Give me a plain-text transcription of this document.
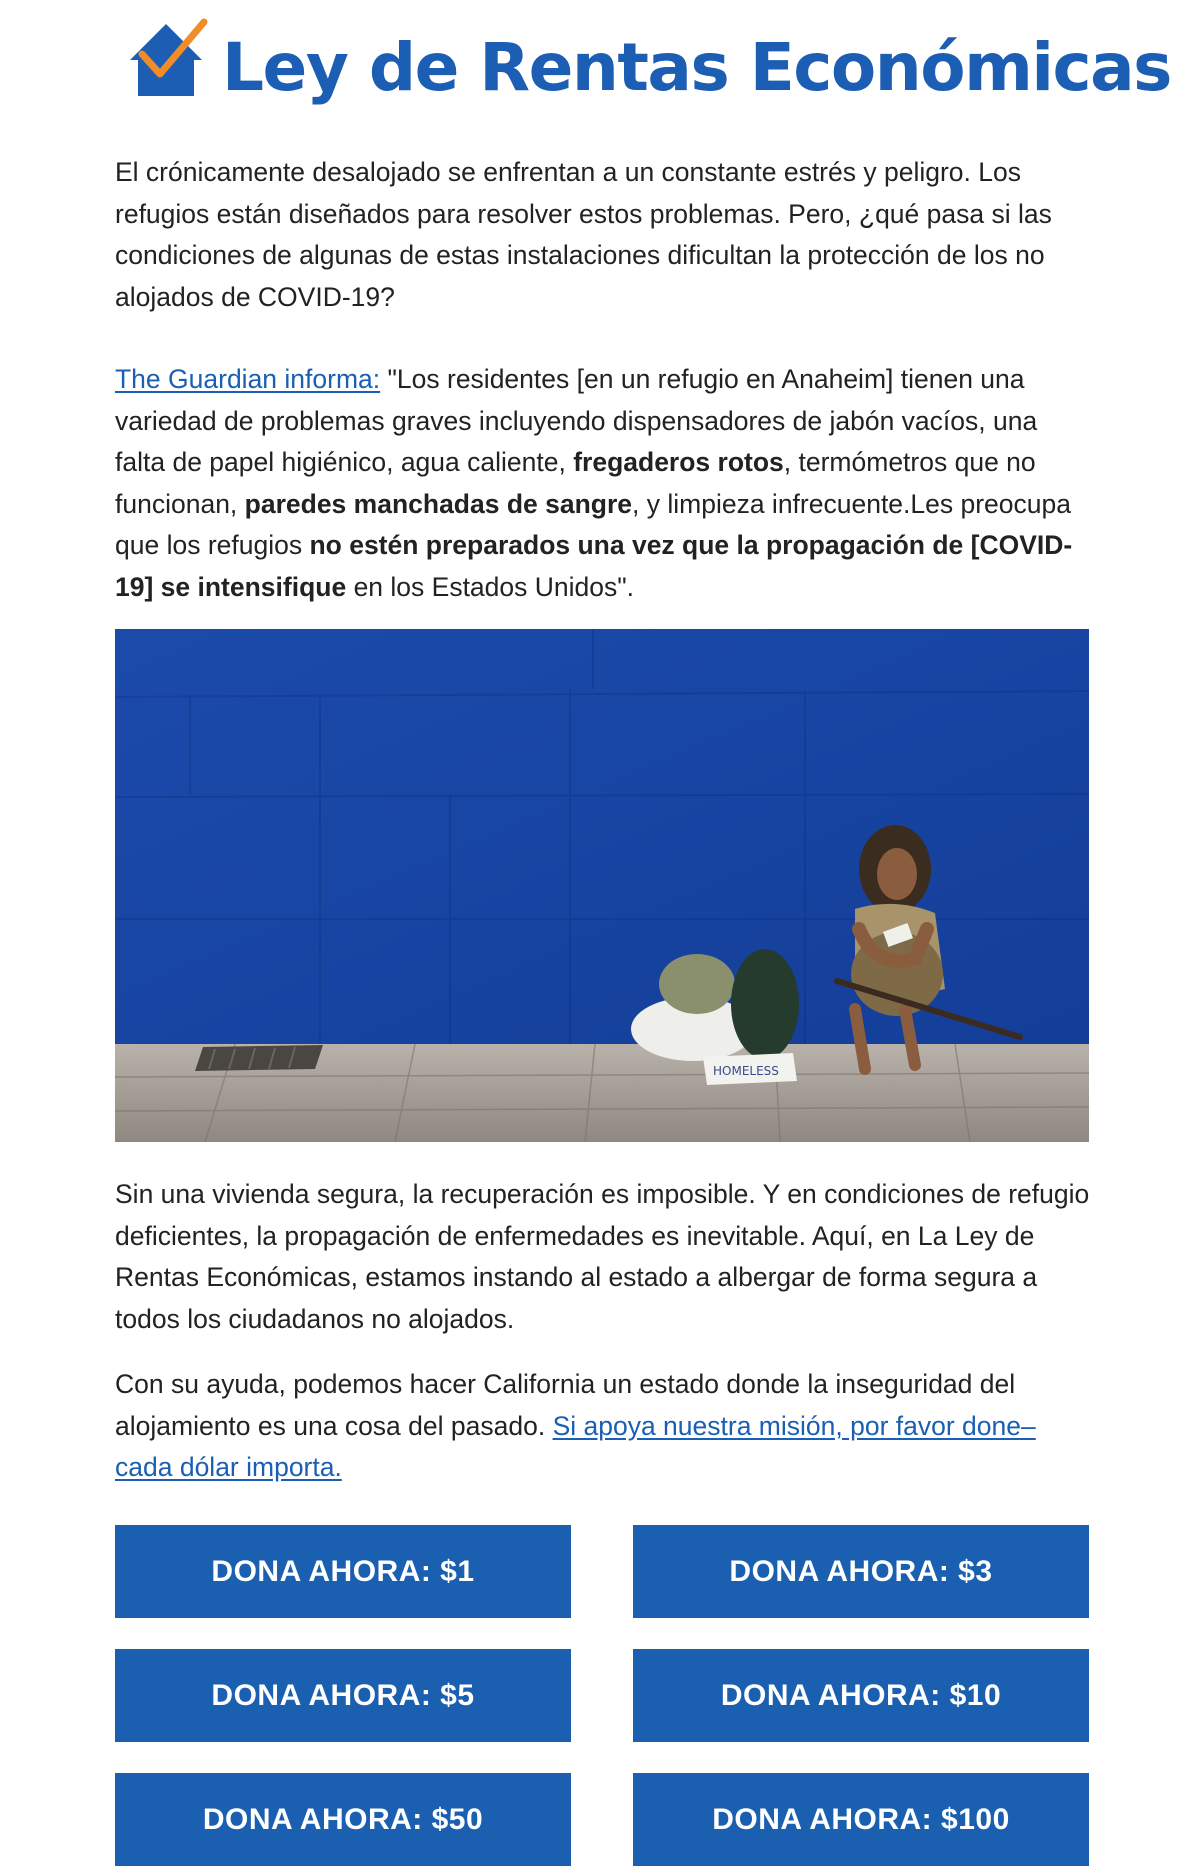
Ley de Rentas Económicas

El crónicamente desalojado se enfrentan a un constante estrés y peligro. Los refugios están diseñados para resolver estos problemas. Pero, ¿qué pasa si las condiciones de algunas de estas instalaciones dificultan la protección de los no alojados de COVID-19?

The Guardian informa: "Los residentes [en un refugio en Anaheim] tienen una variedad de problemas graves incluyendo dispensadores de jabón vacíos, una falta de papel higiénico, agua caliente, fregaderos rotos, termómetros que no funcionan, paredes manchadas de sangre, y limpieza infrecuente.Les preocupa que los refugios no estén preparados una vez que la propagación de [COVID-19] se intensifique en los Estados Unidos".

HOMELESS

Sin una vivienda segura, la recuperación es imposible. Y en condiciones de refugio deficientes, la propagación de enfermedades es inevitable. Aquí, en La Ley de Rentas Económicas, estamos instando al estado a albergar de forma segura a todos los ciudadanos no alojados.

Con su ayuda, podemos hacer California un estado donde la inseguridad del alojamiento es una cosa del pasado. Si apoya nuestra misión, por favor done–cada dólar importa.

DONA AHORA: $1	DONA AHORA: $3
DONA AHORA: $5	DONA AHORA: $10
DONA AHORA: $50	DONA AHORA: $100
